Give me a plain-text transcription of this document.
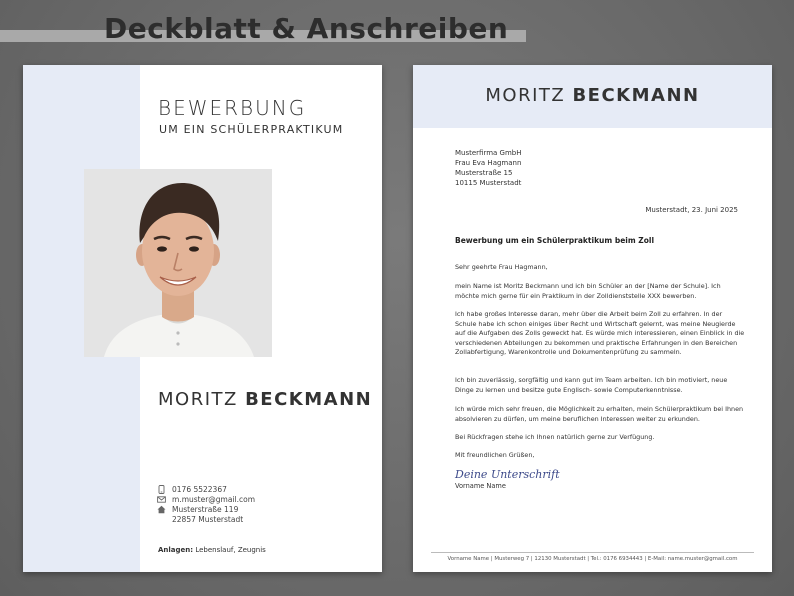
Deckblatt & Anschreiben
BEWERBUNG
UM EIN SCHÜLERPRAKTIKUM
MORITZ BECKMANN
0176 5522367
m.muster@gmail.com
Musterstraße 119
22857 Musterstadt
Anlagen: Lebenslauf, Zeugnis
MORITZ BECKMANN
Musterfirma GmbH
Frau Eva Hagmann
Musterstraße 15
10115 Musterstadt
Musterstadt, 23. Juni 2025
Bewerbung um ein Schülerpraktikum beim Zoll
Sehr geehrte Frau Hagmann,
mein Name ist Moritz Beckmann und ich bin Schüler an der [Name der Schule]. Ich möchte mich gerne für ein Praktikum in der Zolldienststelle XXX bewerben.
Ich habe großes Interesse daran, mehr über die Arbeit beim Zoll zu erfahren. In der Schule habe ich schon einiges über Recht und Wirtschaft gelernt, was meine Neugierde auf die Aufgaben des Zolls geweckt hat. Es würde mich interessieren, einen Einblick in die verschiedenen Abteilungen zu bekommen und praktische Erfahrungen in den Bereichen Zollabfertigung, Warenkontrolle und Dokumentenprüfung zu sammeln.
Ich bin zuverlässig, sorgfältig und kann gut im Team arbeiten. Ich bin motiviert, neue Dinge zu lernen und besitze gute Englisch- sowie Computerkenntnisse.
Ich würde mich sehr freuen, die Möglichkeit zu erhalten, mein Schülerpraktikum bei Ihnen absolvieren zu dürfen, um meine beruflichen Interessen weiter zu erkunden.
Bei Rückfragen stehe ich Ihnen natürlich gerne zur Verfügung.
Mit freundlichen Grüßen,
Deine Unterschrift
Vorname Name
Vorname Name | Musterweg 7 | 12130 Musterstadt | Tel.: 0176 6934443 | E-Mail: name.muster@gmail.com
